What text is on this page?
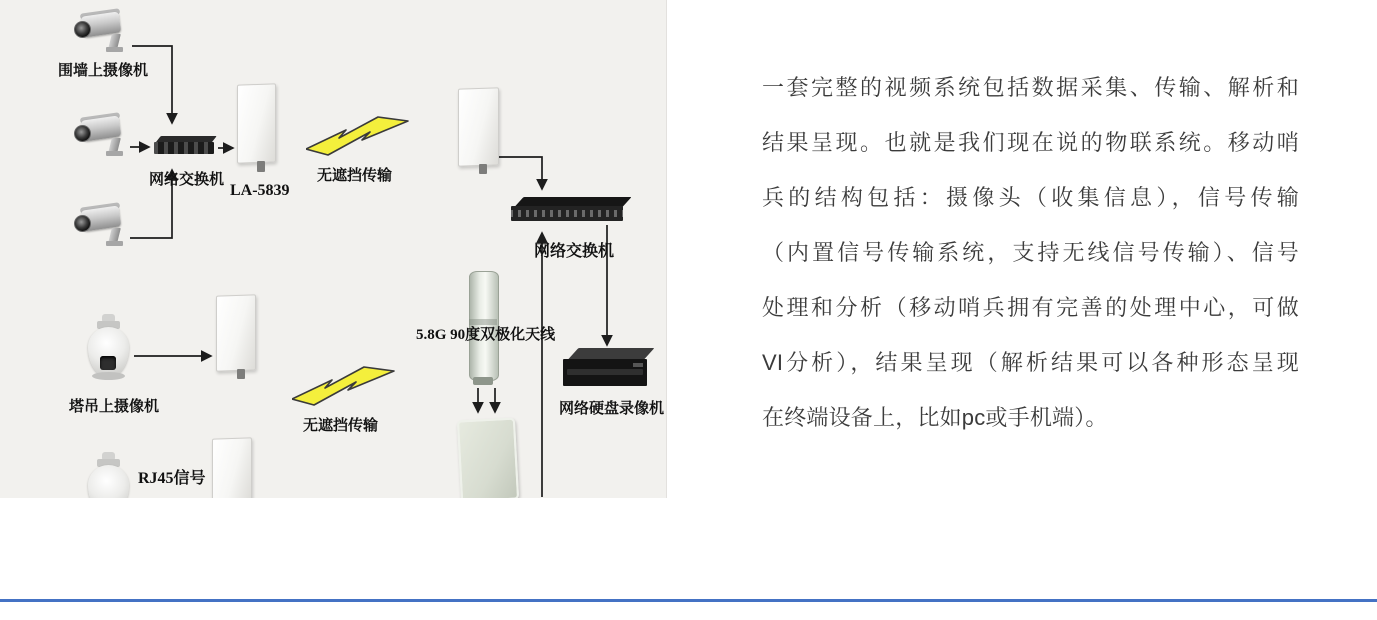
围墙上摄像机
网络交换机
LA-5839
无遮挡传输
网络交换机
5.8G 90度双极化天线
网络硬盘录像机
塔吊上摄像机
RJ45信号
无遮挡传输
一套完整的视频系统包括数据采集、传输、解析和
结果呈现。也就是我们现在说的物联系统。移动哨
兵的结构包括：摄像头（收集信息），信号传输
（内置信号传输系统，支持无线信号传输）、信号
处理和分析（移动哨兵拥有完善的处理中心，可做
VI分析），结果呈现（解析结果可以各种形态呈现
在终端设备上，比如pc或手机端）。
